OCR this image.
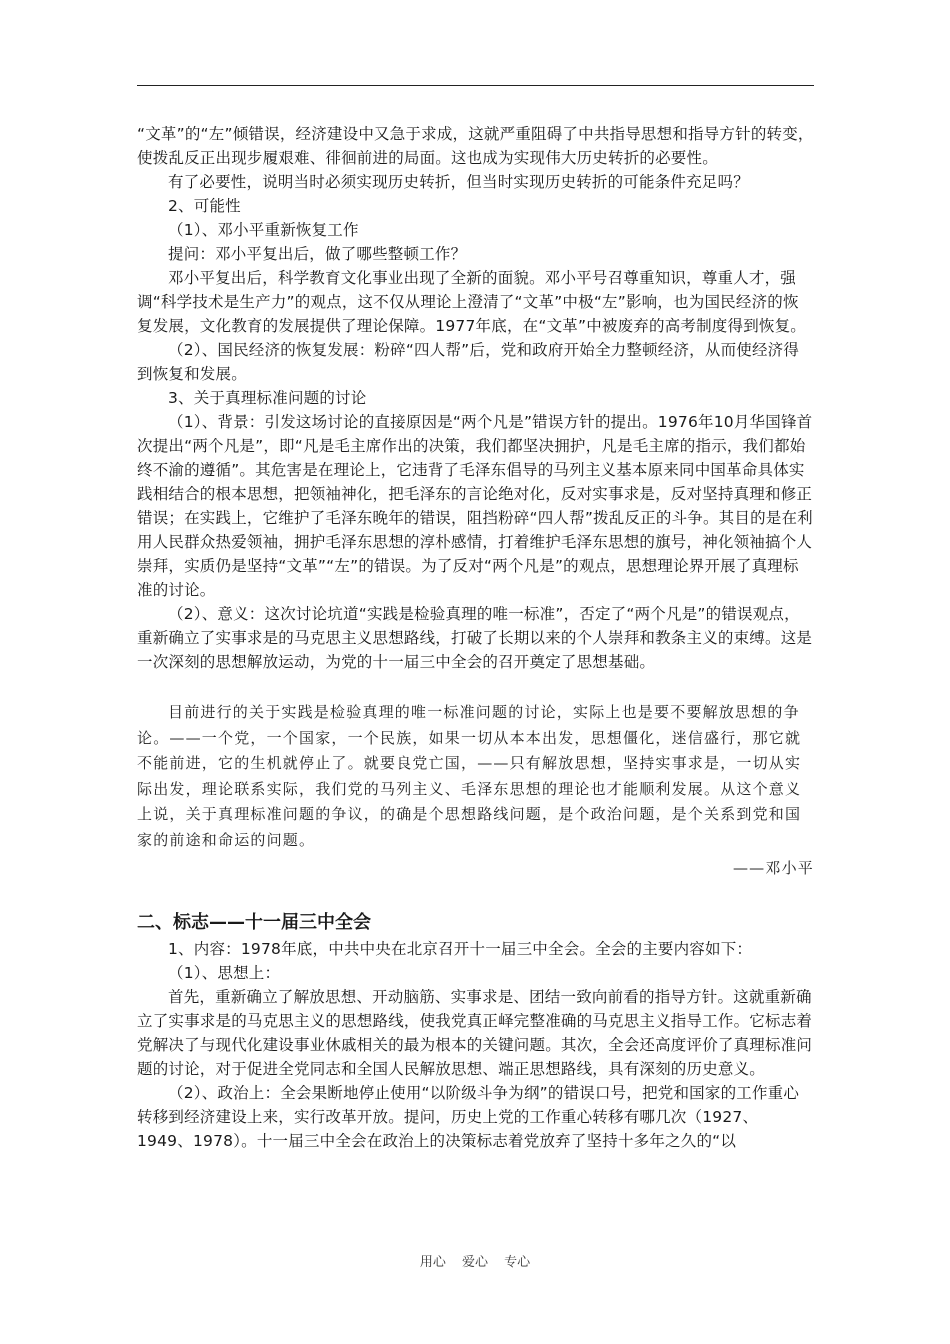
“文革”的“左”倾错误，经济建设中又急于求成，这就严重阻碍了中共指导思想和指导方针的转变，使拨乱反正出现步履艰难、徘徊前进的局面。这也成为实现伟大历史转折的必要性。

有了必要性，说明当时必须实现历史转折，但当时实现历史转折的可能条件充足吗？

2、可能性

（1）、邓小平重新恢复工作

提问：邓小平复出后，做了哪些整顿工作？

邓小平复出后，科学教育文化事业出现了全新的面貌。邓小平号召尊重知识，尊重人才，强调“科学技术是生产力”的观点，这不仅从理论上澄清了“文革”中极“左”影响，也为国民经济的恢复发展，文化教育的发展提供了理论保障。1977年底，在“文革”中被废弃的高考制度得到恢复。

（2）、国民经济的恢复发展：粉碎“四人帮”后，党和政府开始全力整顿经济，从而使经济得到恢复和发展。

3、关于真理标准问题的讨论

（1）、背景：引发这场讨论的直接原因是“两个凡是”错误方针的提出。1976年10月华国锋首次提出“两个凡是”，即“凡是毛主席作出的决策，我们都坚决拥护，凡是毛主席的指示，我们都始终不渝的遵循”。其危害是在理论上，它违背了毛泽东倡导的马列主义基本原来同中国革命具体实践相结合的根本思想，把领袖神化，把毛泽东的言论绝对化，反对实事求是，反对坚持真理和修正错误；在实践上，它维护了毛泽东晚年的错误，阻挡粉碎“四人帮”拨乱反正的斗争。其目的是在利用人民群众热爱领袖，拥护毛泽东思想的淳朴感情，打着维护毛泽东思想的旗号，神化领袖搞个人崇拜，实质仍是坚持“文革”“左”的错误。为了反对“两个凡是”的观点，思想理论界开展了真理标准的讨论。

（2）、意义：这次讨论坑道“实践是检验真理的唯一标准”，否定了“两个凡是”的错误观点，重新确立了实事求是的马克思主义思想路线，打破了长期以来的个人崇拜和教条主义的束缚。这是一次深刻的思想解放运动，为党的十一届三中全会的召开奠定了思想基础。

目前进行的关于实践是检验真理的唯一标准问题的讨论，实际上也是要不要解放思想的争论。——一个党，一个国家，一个民族，如果一切从本本出发，思想僵化，迷信盛行，那它就不能前进，它的生机就停止了。就要良党亡国，——只有解放思想，坚持实事求是，一切从实际出发，理论联系实际，我们党的马列主义、毛泽东思想的理论也才能顺利发展。从这个意义上说，关于真理标准问题的争议，的确是个思想路线问题，是个政治问题，是个关系到党和国家的前途和命运的问题。

——邓小平

二、标志——十一届三中全会

1、内容：1978年底，中共中央在北京召开十一届三中全会。全会的主要内容如下：

（1）、思想上：

首先，重新确立了解放思想、开动脑筋、实事求是、团结一致向前看的指导方针。这就重新确立了实事求是的马克思主义的思想路线，使我党真正峄完整准确的马克思主义指导工作。它标志着党解决了与现代化建设事业休戚相关的最为根本的关键问题。其次，全会还高度评价了真理标准问题的讨论，对于促进全党同志和全国人民解放思想、端正思想路线，具有深刻的历史意义。

（2）、政治上：全会果断地停止使用“以阶级斗争为纲”的错误口号，把党和国家的工作重心转移到经济建设上来，实行改革开放。提问，历史上党的工作重心转移有哪几次（1927、1949、1978）。十一届三中全会在政治上的决策标志着党放弃了坚持十多年之久的“以

用心 爱心 专心
